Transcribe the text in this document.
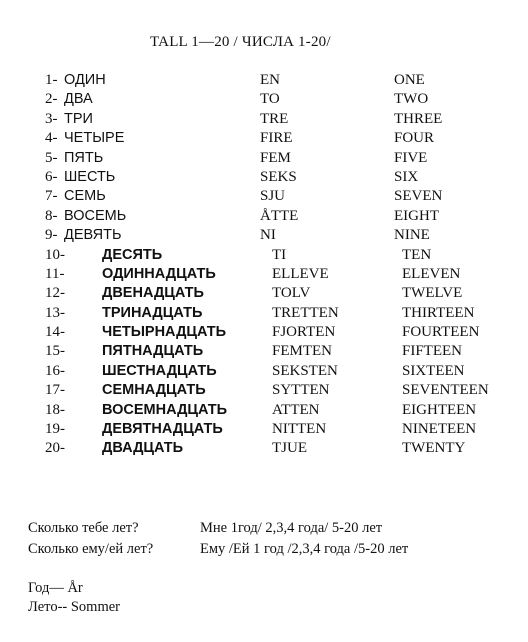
TALL 1—20 / ЧИСЛА 1-20/
1- ОДИН	EN	ONE
2- ДВА	TO	TWO
3- ТРИ	TRE	THREE
4- ЧЕТЫРЕ	FIRE	FOUR
5- ПЯТЬ	FEM	FIVE
6- ШЕСТЬ	SEKS	SIX
7- СЕМЬ	SJU	SEVEN
8- ВОСЕМЬ	ÅTTE	EIGHT
9- ДЕВЯТЬ	NI	NINE
10-	ДЕСЯТЬ	TI	TEN
11-	ОДИННАДЦАТЬ	ELLEVE	ELEVEN
12-	ДВЕНАДЦАТЬ	TOLV	TWELVE
13-	ТРИНАДЦАТЬ	TRETTEN	THIRTEEN
14-	ЧЕТЫРНАДЦАТЬ	FJORTEN	FOURTEEN
15-	ПЯТНАДЦАТЬ	FEMTEN	FIFTEEN
16-	ШЕСТНАДЦАТЬ	SEKSTEN	SIXTEEN
17-	СЕМНАДЦАТЬ	SYTTEN	SEVENTEEN
18-	ВОСЕМНАДЦАТЬ	ATTEN	EIGHTEEN
19-	ДЕВЯТНАДЦАТЬ	NITTEN	NINETEEN
20-	ДВАДЦАТЬ	TJUE	TWENTY
Сколько тебе лет?	Мне 1год/ 2,3,4 года/ 5-20 лет
Сколько ему/ей лет?	Ему /Ей 1 год /2,3,4 года /5-20 лет
Год— År
Лето-- Sommer
